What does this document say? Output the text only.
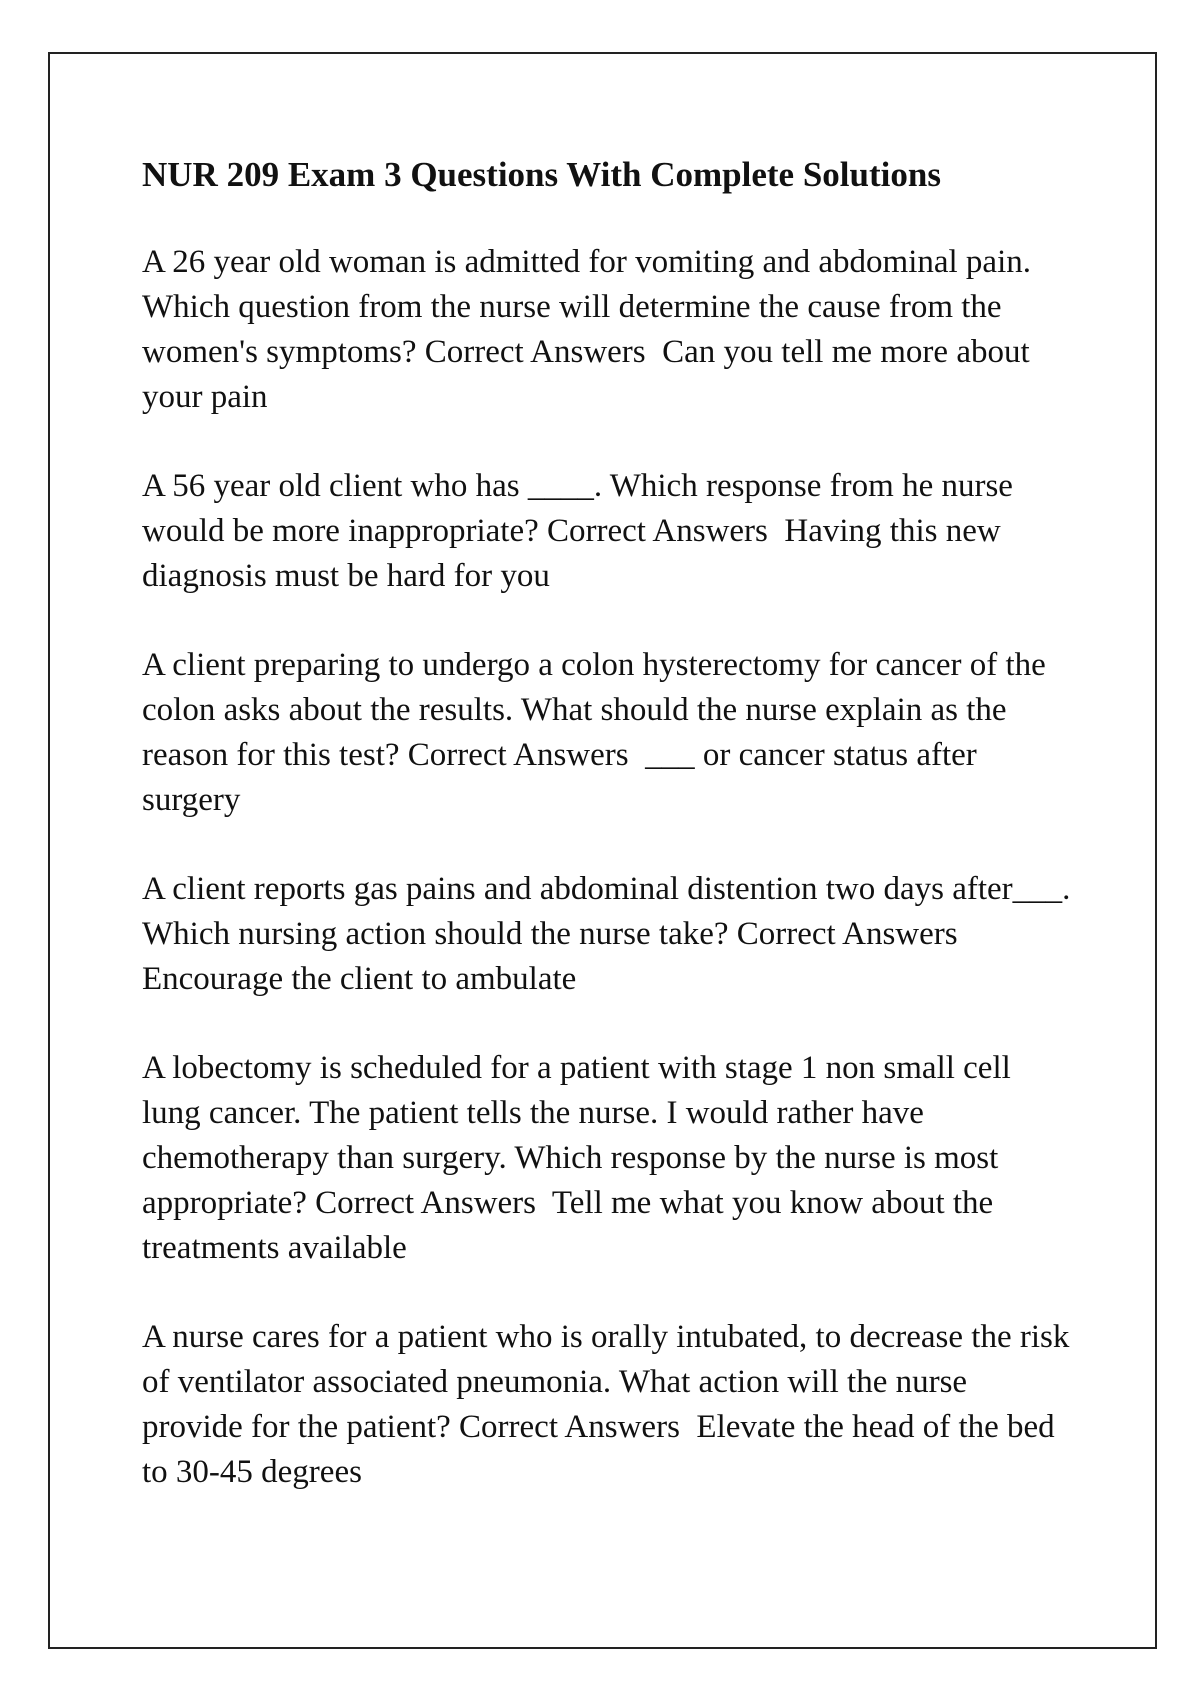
NUR 209 Exam 3 Questions With Complete Solutions
A 26 year old woman is admitted for vomiting and abdominal pain. Which question from the nurse will determine the cause from the women's symptoms? Correct Answers  Can you tell me more about your pain
A 56 year old client who has ____. Which response from he nurse would be more inappropriate? Correct Answers  Having this new diagnosis must be hard for you
A client preparing to undergo a colon hysterectomy for cancer of the colon asks about the results. What should the nurse explain as the reason for this test? Correct Answers  ___ or cancer status after surgery
A client reports gas pains and abdominal distention two days after___. Which nursing action should the nurse take? Correct Answers  Encourage the client to ambulate
A lobectomy is scheduled for a patient with stage 1 non small cell lung cancer. The patient tells the nurse. I would rather have chemotherapy than surgery. Which response by the nurse is most appropriate? Correct Answers  Tell me what you know about the treatments available
A nurse cares for a patient who is orally intubated, to decrease the risk of ventilator associated pneumonia. What action will the nurse provide for the patient? Correct Answers  Elevate the head of the bed to 30-45 degrees
